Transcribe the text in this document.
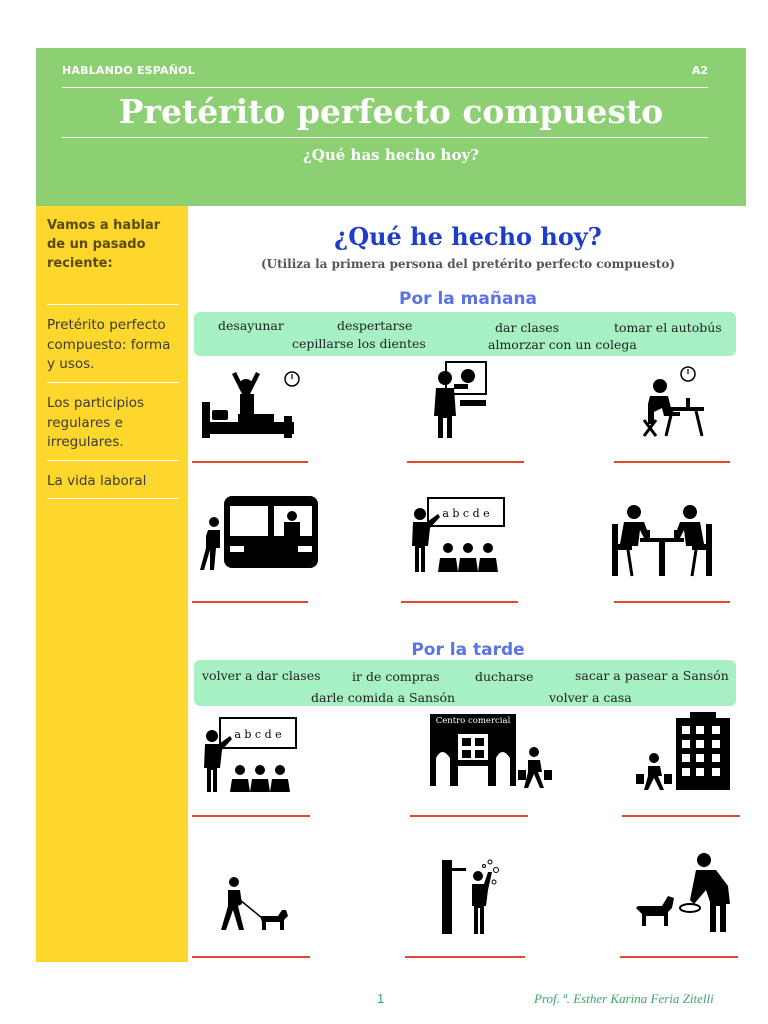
HABLANDO ESPAÑOL	A2
Pretérito perfecto compuesto
¿Qué has hecho hoy?
Vamos a hablar de un pasado reciente:
Pretérito perfecto compuesto: forma y usos.
Los participios regulares e irregulares.
La vida laboral
¿Qué he hecho hoy?
(Utiliza la primera persona del pretérito perfecto compuesto)
Por la mañana
desayunar	despertarse	dar clases	tomar el autobús
cepillarse los dientes	almorzar con un colega
a b c d e
Por la tarde
volver a dar clases	ir de compras	ducharse	sacar a pasear a Sansón
darle comida a Sansón	volver a casa
a b c d e
Centro comercial
1	Prof. ª. Esther Karina Feria Zitelli
